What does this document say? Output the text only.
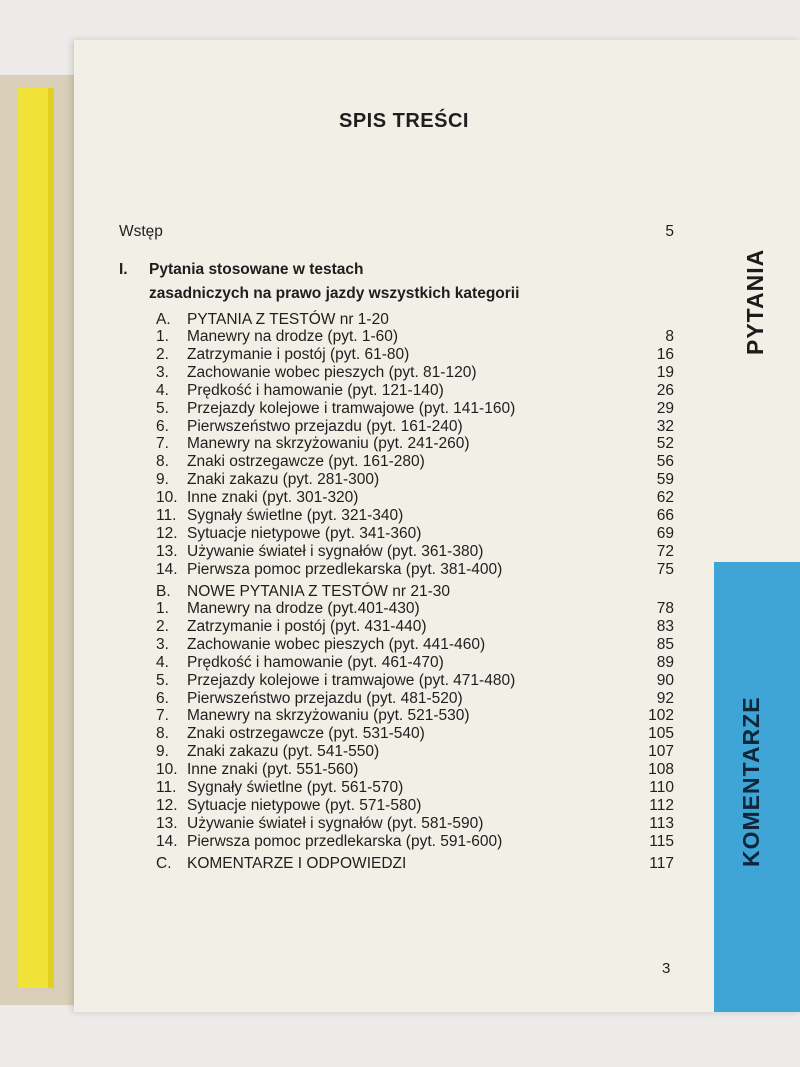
SPIS TREŚCI
Wstęp	5
I. Pytania stosowane w testach
zasadniczych na prawo jazdy wszystkich kategorii
A.	PYTANIA Z TESTÓW nr 1-20
1.	Manewry na drodze (pyt. 1-60)	8
2.	Zatrzymanie i postój (pyt. 61-80)	16
3.	Zachowanie wobec pieszych (pyt. 81-120)	19
4.	Prędkość i hamowanie (pyt. 121-140)	26
5.	Przejazdy kolejowe i tramwajowe (pyt. 141-160)	29
6.	Pierwszeństwo przejazdu (pyt. 161-240)	32
7.	Manewry na skrzyżowaniu (pyt. 241-260)	52
8.	Znaki ostrzegawcze (pyt. 161-280)	56
9.	Znaki zakazu (pyt. 281-300)	59
10. Inne znaki (pyt. 301-320)	62
11. Sygnały świetlne (pyt. 321-340)	66
12. Sytuacje nietypowe (pyt. 341-360)	69
13. Używanie świateł i sygnałów (pyt. 361-380)	72
14. Pierwsza pomoc przedlekarska (pyt. 381-400)	75
B.	NOWE PYTANIA Z TESTÓW nr 21-30
1.	Manewry na drodze (pyt.401-430)	78
2.	Zatrzymanie i postój (pyt. 431-440)	83
3.	Zachowanie wobec pieszych (pyt. 441-460)	85
4.	Prędkość i hamowanie (pyt. 461-470)	89
5.	Przejazdy kolejowe i tramwajowe (pyt. 471-480)	90
6.	Pierwszeństwo przejazdu (pyt. 481-520)	92
7.	Manewry na skrzyżowaniu (pyt. 521-530)	102
8.	Znaki ostrzegawcze (pyt. 531-540)	105
9.	Znaki zakazu (pyt. 541-550)	107
10. Inne znaki (pyt. 551-560)	108
11. Sygnały świetlne (pyt. 561-570)	110
12. Sytuacje nietypowe (pyt. 571-580)	112
13. Używanie świateł i sygnałów (pyt. 581-590)	113
14. Pierwsza pomoc przedlekarska (pyt. 591-600)	115
C.	KOMENTARZE I ODPOWIEDZI	117
3
PYTANIA
KOMENTARZE
